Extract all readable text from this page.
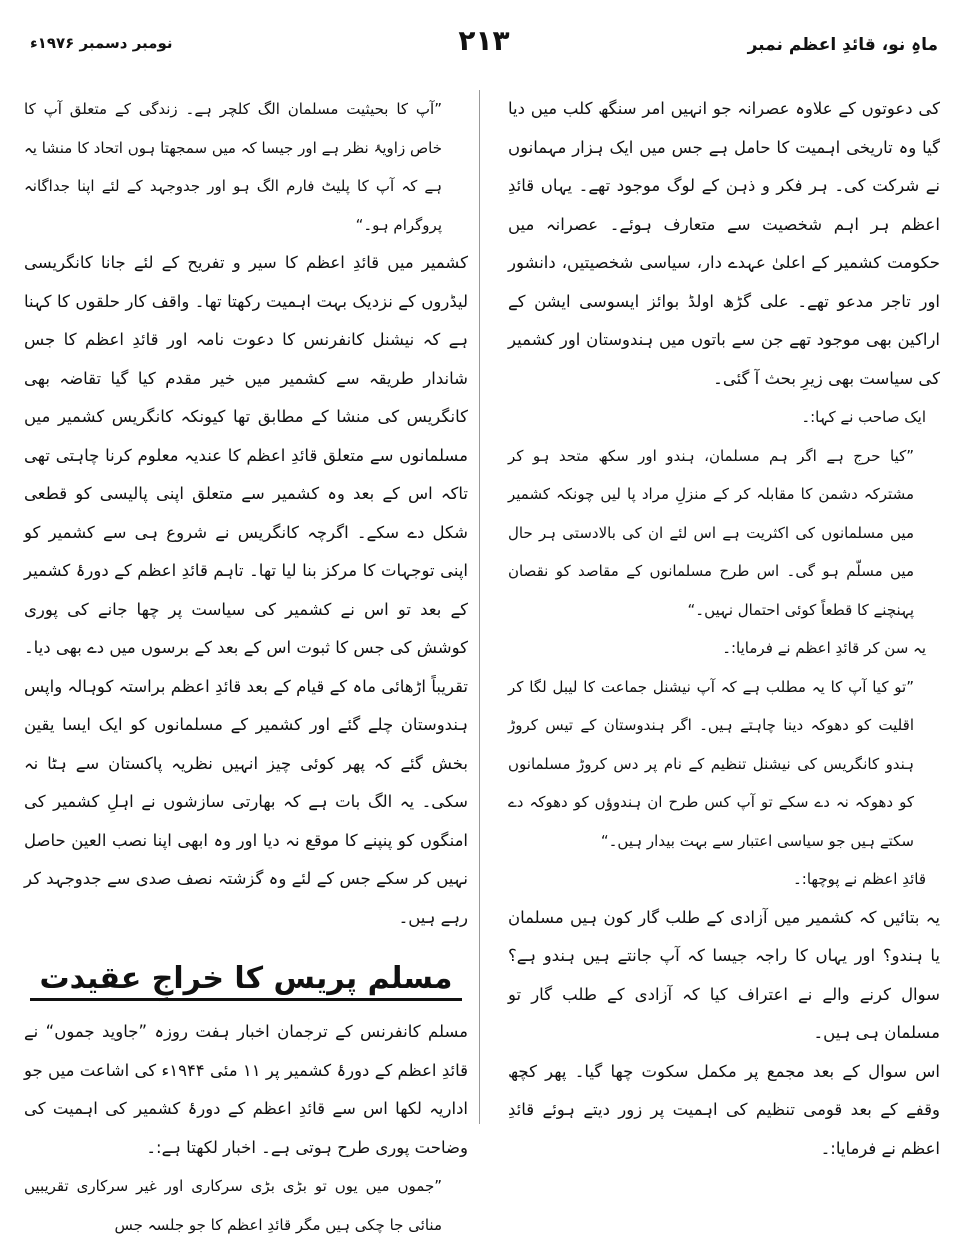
ماہِ نو، قائدِ اعظم نمبر
۲۱۳
نومبر دسمبر ۱۹۷۶ء

کی دعوتوں کے علاوہ عصرانہ جو انہیں امر سنگھ کلب میں دیا گیا وہ تاریخی اہمیت کا حامل ہے جس میں ایک ہزار مہمانوں نے شرکت کی۔ ہر فکر و ذہن کے لوگ موجود تھے۔ یہاں قائدِ اعظم ہر اہم شخصیت سے متعارف ہوئے۔ عصرانہ میں حکومت کشمیر کے اعلیٰ عہدے دار، سیاسی شخصیتیں، دانشور اور تاجر مدعو تھے۔ علی گڑھ اولڈ بوائز ایسوسی ایشن کے اراکین بھی موجود تھے جن سے باتوں میں ہندوستان اور کشمیر کی سیاست بھی زیرِ بحث آ گئی۔

ایک صاحب نے کہا:۔

”کیا حرج ہے اگر ہم مسلمان، ہندو اور سکھ متحد ہو کر مشترکہ دشمن کا مقابلہ کر کے منزلِ مراد پا لیں چونکہ کشمیر میں مسلمانوں کی اکثریت ہے اس لئے ان کی بالادستی ہر حال میں مسلّم ہو گی۔ اس طرح مسلمانوں کے مقاصد کو نقصان پہنچنے کا قطعاً کوئی احتمال نہیں۔“

یہ سن کر قائدِ اعظم نے فرمایا:۔

”تو کیا آپ کا یہ مطلب ہے کہ آپ نیشنل جماعت کا لیبل لگا کر اقلیت کو دھوکہ دینا چاہتے ہیں۔ اگر ہندوستان کے تیس کروڑ ہندو کانگریس کی نیشنل تنظیم کے نام پر دس کروڑ مسلمانوں کو دھوکہ نہ دے سکے تو آپ کس طرح ان ہندوؤں کو دھوکہ دے سکتے ہیں جو سیاسی اعتبار سے بہت بیدار ہیں۔“

قائدِ اعظم نے پوچھا:۔

یہ بتائیں کہ کشمیر میں آزادی کے طلب گار کون ہیں مسلمان یا ہندو؟ اور یہاں کا راجہ جیسا کہ آپ جانتے ہیں ہندو ہے؟ سوال کرنے والے نے اعتراف کیا کہ آزادی کے طلب گار تو مسلمان ہی ہیں۔

اس سوال کے بعد مجمع پر مکمل سکوت چھا گیا۔ پھر کچھ وقفے کے بعد قومی تنظیم کی اہمیت پر زور دیتے ہوئے قائدِ اعظم نے فرمایا:۔

”آپ کا بحیثیت مسلمان الگ کلچر ہے۔ زندگی کے متعلق آپ کا خاص زاویۂ نظر ہے اور جیسا کہ میں سمجھتا ہوں اتحاد کا منشا یہ ہے کہ آپ کا پلیٹ فارم الگ ہو اور جدوجہد کے لئے اپنا جداگانہ پروگرام ہو۔“

کشمیر میں قائدِ اعظم کا سیر و تفریح کے لئے جانا کانگریسی لیڈروں کے نزدیک بہت اہمیت رکھتا تھا۔ واقف کار حلقوں کا کہنا ہے کہ نیشنل کانفرنس کا دعوت نامہ اور قائدِ اعظم کا جس شاندار طریقہ سے کشمیر میں خیر مقدم کیا گیا تقاضہ بھی کانگریس کی منشا کے مطابق تھا کیونکہ کانگریس کشمیر میں مسلمانوں سے متعلق قائدِ اعظم کا عندیہ معلوم کرنا چاہتی تھی تاکہ اس کے بعد وہ کشمیر سے متعلق اپنی پالیسی کو قطعی شکل دے سکے۔ اگرچہ کانگریس نے شروع ہی سے کشمیر کو اپنی توجہات کا مرکز بنا لیا تھا۔ تاہم قائدِ اعظم کے دورۂ کشمیر کے بعد تو اس نے کشمیر کی سیاست پر چھا جانے کی پوری کوشش کی جس کا ثبوت اس کے بعد کے برسوں میں دے بھی دیا۔ تقریباً اڑھائی ماہ کے قیام کے بعد قائدِ اعظم براستہ کوہالہ واپس ہندوستان چلے گئے اور کشمیر کے مسلمانوں کو ایک ایسا یقین بخش گئے کہ پھر کوئی چیز انہیں نظریہ پاکستان سے ہٹا نہ سکی۔ یہ الگ بات ہے کہ بھارتی سازشوں نے اہلِ کشمیر کی امنگوں کو پنپنے کا موقع نہ دیا اور وہ ابھی اپنا نصب العین حاصل نہیں کر سکے جس کے لئے وہ گزشتہ نصف صدی سے جدوجہد کر رہے ہیں۔

مسلم پریس کا خراجِ عقیدت

مسلم کانفرنس کے ترجمان اخبار ہفت روزہ ”جاوید جموں“ نے قائدِ اعظم کے دورۂ کشمیر پر ۱۱ مئی ۱۹۴۴ء کی اشاعت میں جو اداریہ لکھا اس سے قائدِ اعظم کے دورۂ کشمیر کی اہمیت کی وضاحت پوری طرح ہوتی ہے۔ اخبار لکھتا ہے:۔

”جموں میں یوں تو بڑی بڑی سرکاری اور غیر سرکاری تقریبیں منائی جا چکی ہیں مگر قائدِ اعظم کا جو جلسہ جس
